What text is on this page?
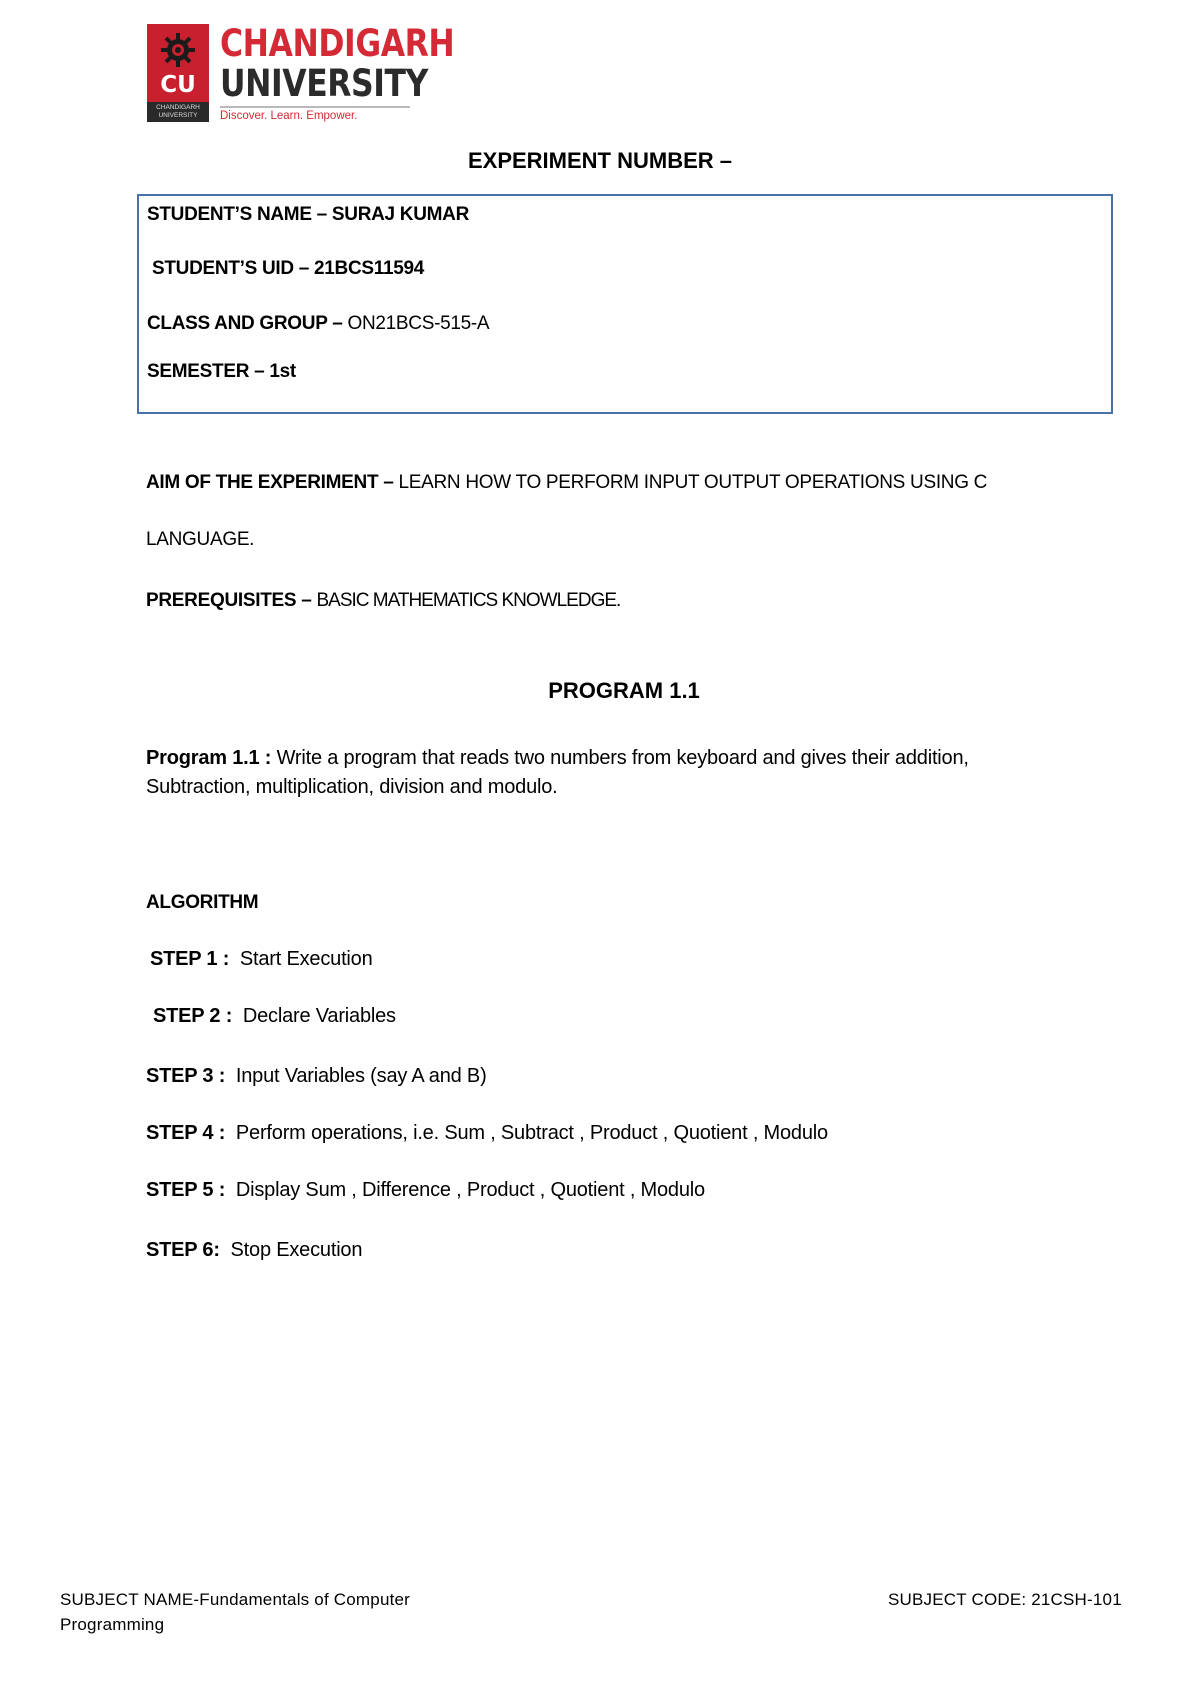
CU
CHANDIGARH UNIVERSITY
CHANDIGARH
UNIVERSITY
Discover. Learn. Empower.
EXPERIMENT NUMBER –
STUDENT’S NAME – SURAJ KUMAR
STUDENT’S UID – 21BCS11594
CLASS AND GROUP – ON21BCS-515-A
SEMESTER – 1st
AIM OF THE EXPERIMENT – LEARN HOW TO PERFORM INPUT OUTPUT OPERATIONS USING C
LANGUAGE.
PREREQUISITES – BASIC MATHEMATICS KNOWLEDGE.
PROGRAM 1.1
Program 1.1 : Write a program that reads two numbers from keyboard and gives their addition,
Subtraction, multiplication, division and modulo.
ALGORITHM
STEP 1 : Start Execution
STEP 2 : Declare Variables
STEP 3 : Input Variables (say A and B)
STEP 4 : Perform operations, i.e. Sum , Subtract , Product , Quotient , Modulo
STEP 5 : Display Sum , Difference , Product , Quotient , Modulo
STEP 6: Stop Execution
SUBJECT NAME-Fundamentals of Computer
Programming
SUBJECT CODE: 21CSH-101
